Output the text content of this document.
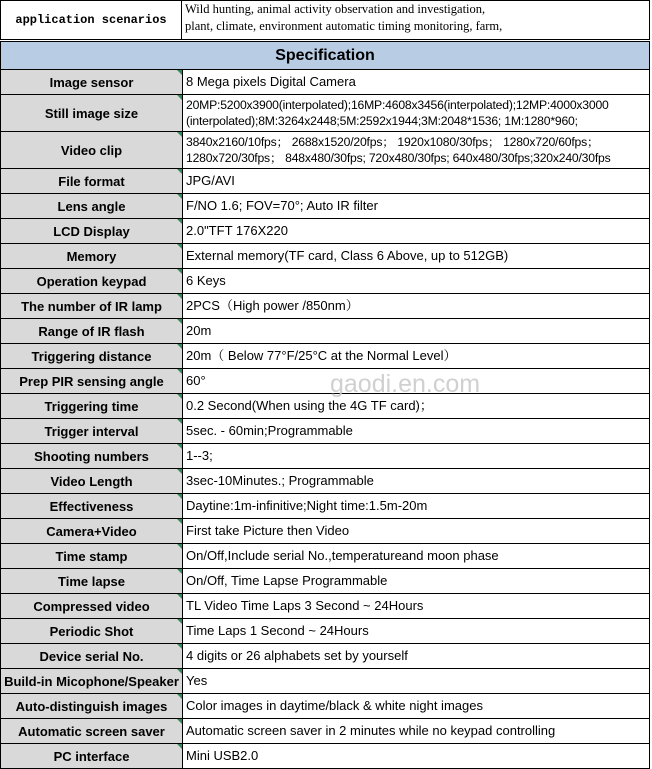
application scenarios
Wild hunting, animal activity observation and investigation,
plant, climate, environment automatic timing monitoring, farm,
Specification
Image sensor	8 Mega pixels Digital Camera

Still image size	20MP:5200x3900(interpolated);16MP:4608x3456(interpolated);12MP:4000x3000
(interpolated);8M:3264x2448;5M:2592x1944;3M:2048*1536; 1M:1280*960;

Video clip	3840x2160/10fps； 2688x1520/20fps； 1920x1080/30fps； 1280x720/60fps；
1280x720/30fps； 848x480/30fps; 720x480/30fps; 640x480/30fps;320x240/30fps

File format	JPG/AVI

Lens angle	F/NO 1.6; FOV=70°; Auto IR filter

LCD Display	2.0"TFT 176X220

Memory	External memory(TF card, Class 6 Above, up to 512GB)

Operation keypad	6 Keys

The number of IR lamp	2PCS（High power /850nm）

Range of IR flash	20m

Triggering distance	20m（ Below 77°F/25°C at the Normal Level）

Prep PIR sensing angle	60°

Triggering time	0.2 Second(When using the 4G TF card)；

Trigger interval	5sec. - 60min;Programmable

Shooting numbers	1--3;

Video Length	3sec-10Minutes.; Programmable

Effectiveness	Daytine:1m-infinitive;Night time:1.5m-20m

Camera+Video	First take Picture then Video

Time stamp	On/Off,Include serial No.,temperatureand moon phase

Time lapse	On/Off, Time Lapse Programmable

Compressed video	TL Video Time Laps 3 Second ~ 24Hours

Periodic Shot	Time Laps 1 Second ~ 24Hours

Device serial No.	4 digits or 26 alphabets set by yourself

Build-in Micophone/Speaker	Yes

Auto-distinguish images	Color images in daytime/black & white night images

Automatic screen saver	Automatic screen saver in 2 minutes while no keypad controlling

PC interface	Mini USB2.0
gaodi.en.com
